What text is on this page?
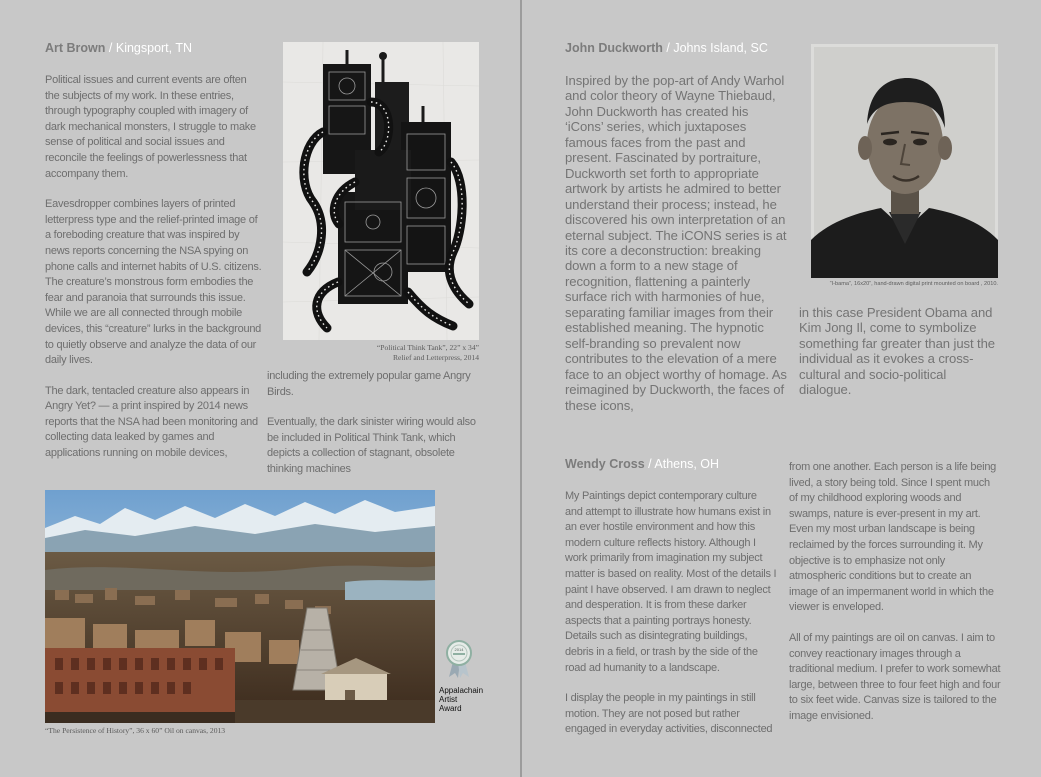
Art Brown / Kingsport, TN

Political issues and current events are often the subjects of my work. In these entries, through typography coupled with imagery of dark mechanical monsters, I struggle to make sense of political and social issues and reconcile the feelings of powerlessness that accompany them.

Eavesdropper combines layers of printed letterpress type and the relief-printed image of a foreboding creature that was inspired by news reports concerning the NSA spying on phone calls and internet habits of U.S. citizens. The creature’s monstrous form embodies the fear and paranoia that surrounds this issue. While we are all connected through mobile devices, this “creature” lurks in the background to quietly observe and analyze the data of our daily lives.

The dark, tentacled creature also appears in Angry Yet? — a print inspired by 2014 news reports that the NSA had been monitoring and collecting data leaked by games and applications running on mobile devices,

“Political Think Tank”, 22” x 34”
Relief and Letterpress, 2014

including the extremely popular game Angry Birds.

Eventually, the dark sinister wiring would also be included in Political Think Tank, which depicts a collection of stagnant, obsolete thinking machines

2014
Appalachain Artist Award
“The Persistence of History”, 36 x 60” Oil on canvas, 2013
John Duckworth / Johns Island, SC

Inspired by the pop-art of Andy Warhol and color theory of Wayne Thiebaud, John Duckworth has created his ‘iCons’ series, which juxtaposes famous faces from the past and present. Fascinated by portraiture, Duckworth set forth to appropriate artwork by artists he admired to better understand their process; instead, he discovered his own interpretation of an eternal subject. The iCONS series is at its core a deconstruction: breaking down a form to a new stage of recognition, flattening a painterly surface rich with harmonies of hue, separating familiar images from their established meaning. The hypnotic self-branding so prevalent now contributes to the elevation of a mere face to an object worthy of homage. As reimagined by Duckworth, the faces of these icons,

“I-bama”, 16x20”, hand-drawn digital print mounted on board , 2010.

in this case President Obama and Kim Jong Il, come to symbolize something far greater than just the individual as it evokes a cross-cultural and socio-political dialogue.

Wendy Cross / Athens, OH

My Paintings depict contemporary culture and attempt to illustrate how humans exist in an ever hostile environment and how this modern culture reflects history. Although I work primarily from imagination my subject matter is based on reality. Most of the details I paint I have observed. I am drawn to neglect and desperation. It is from these darker aspects that a painting portrays honesty. Details such as disintegrating buildings, debris in a field, or trash by the side of the road ad humanity to a landscape.

I display the people in my paintings in still motion. They are not posed but rather engaged in everyday activities, disconnected

from one another. Each person is a life being lived, a story being told. Since I spent much of my childhood exploring woods and swamps, nature is ever-present in my art. Even my most urban landscape is being reclaimed by the forces surrounding it. My objective is to emphasize not only atmospheric conditions but to create an image of an impermanent world in which the viewer is enveloped.

All of my paintings are oil on canvas. I aim to convey reactionary images through a traditional medium. I prefer to work somewhat large, between three to four feet high and four to six feet wide. Canvas size is tailored to the image envisioned.
